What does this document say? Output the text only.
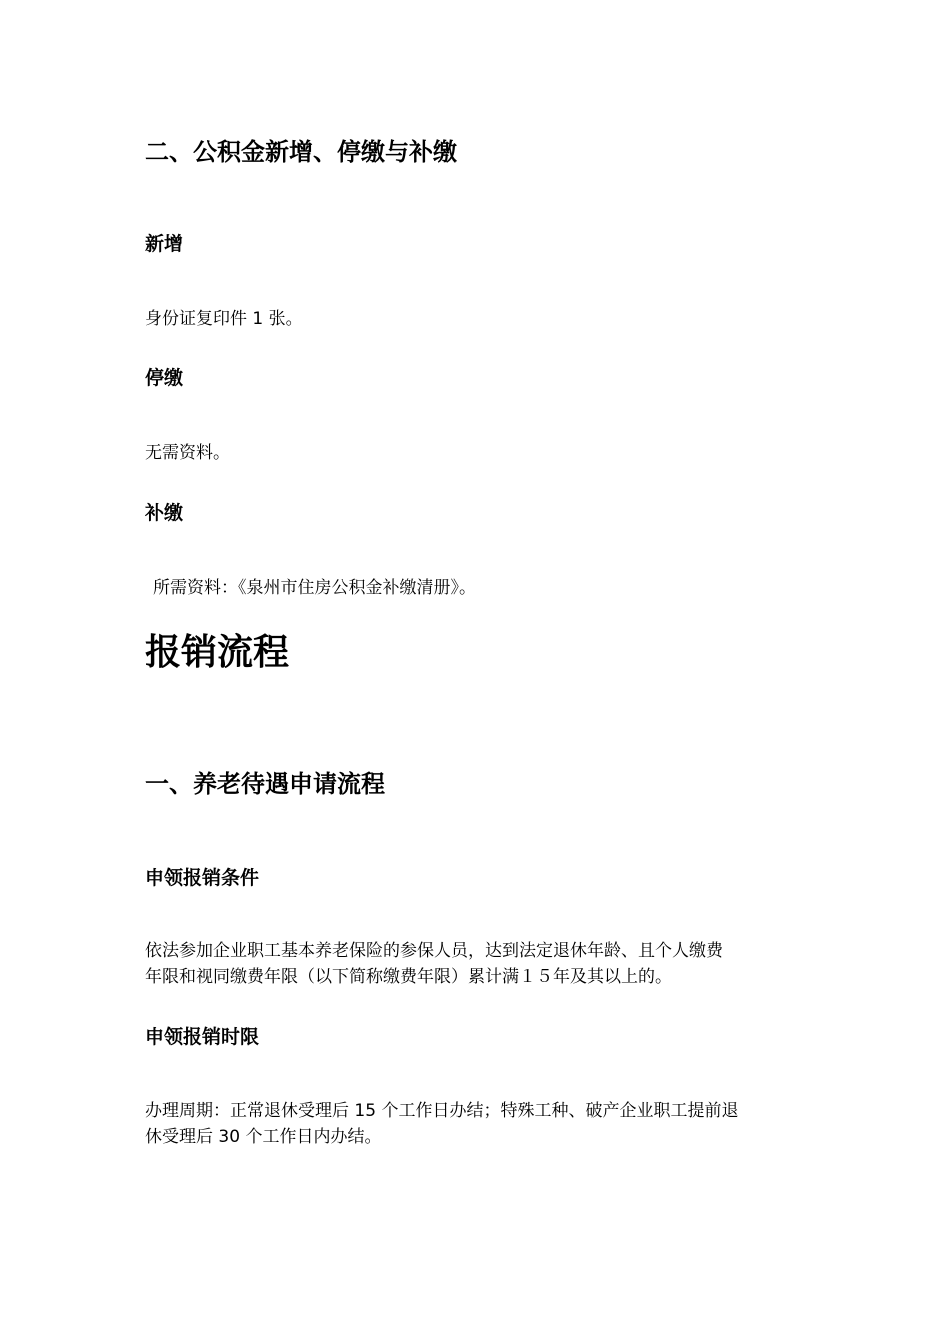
二、公积金新增、停缴与补缴
新增

身份证复印件 1 张。

停缴

无需资料。

补缴

所需资料：《泉州市住房公积金补缴清册》。

报销流程
一、养老待遇申请流程
申领报销条件

依法参加企业职工基本养老保险的参保人员，达到法定退休年龄、且个人缴费

年限和视同缴费年限（以下简称缴费年限）累计满１５年及其以上的。

申领报销时限

办理周期：正常退休受理后 15 个工作日办结；特殊工种、破产企业职工提前退

休受理后 30 个工作日内办结。
